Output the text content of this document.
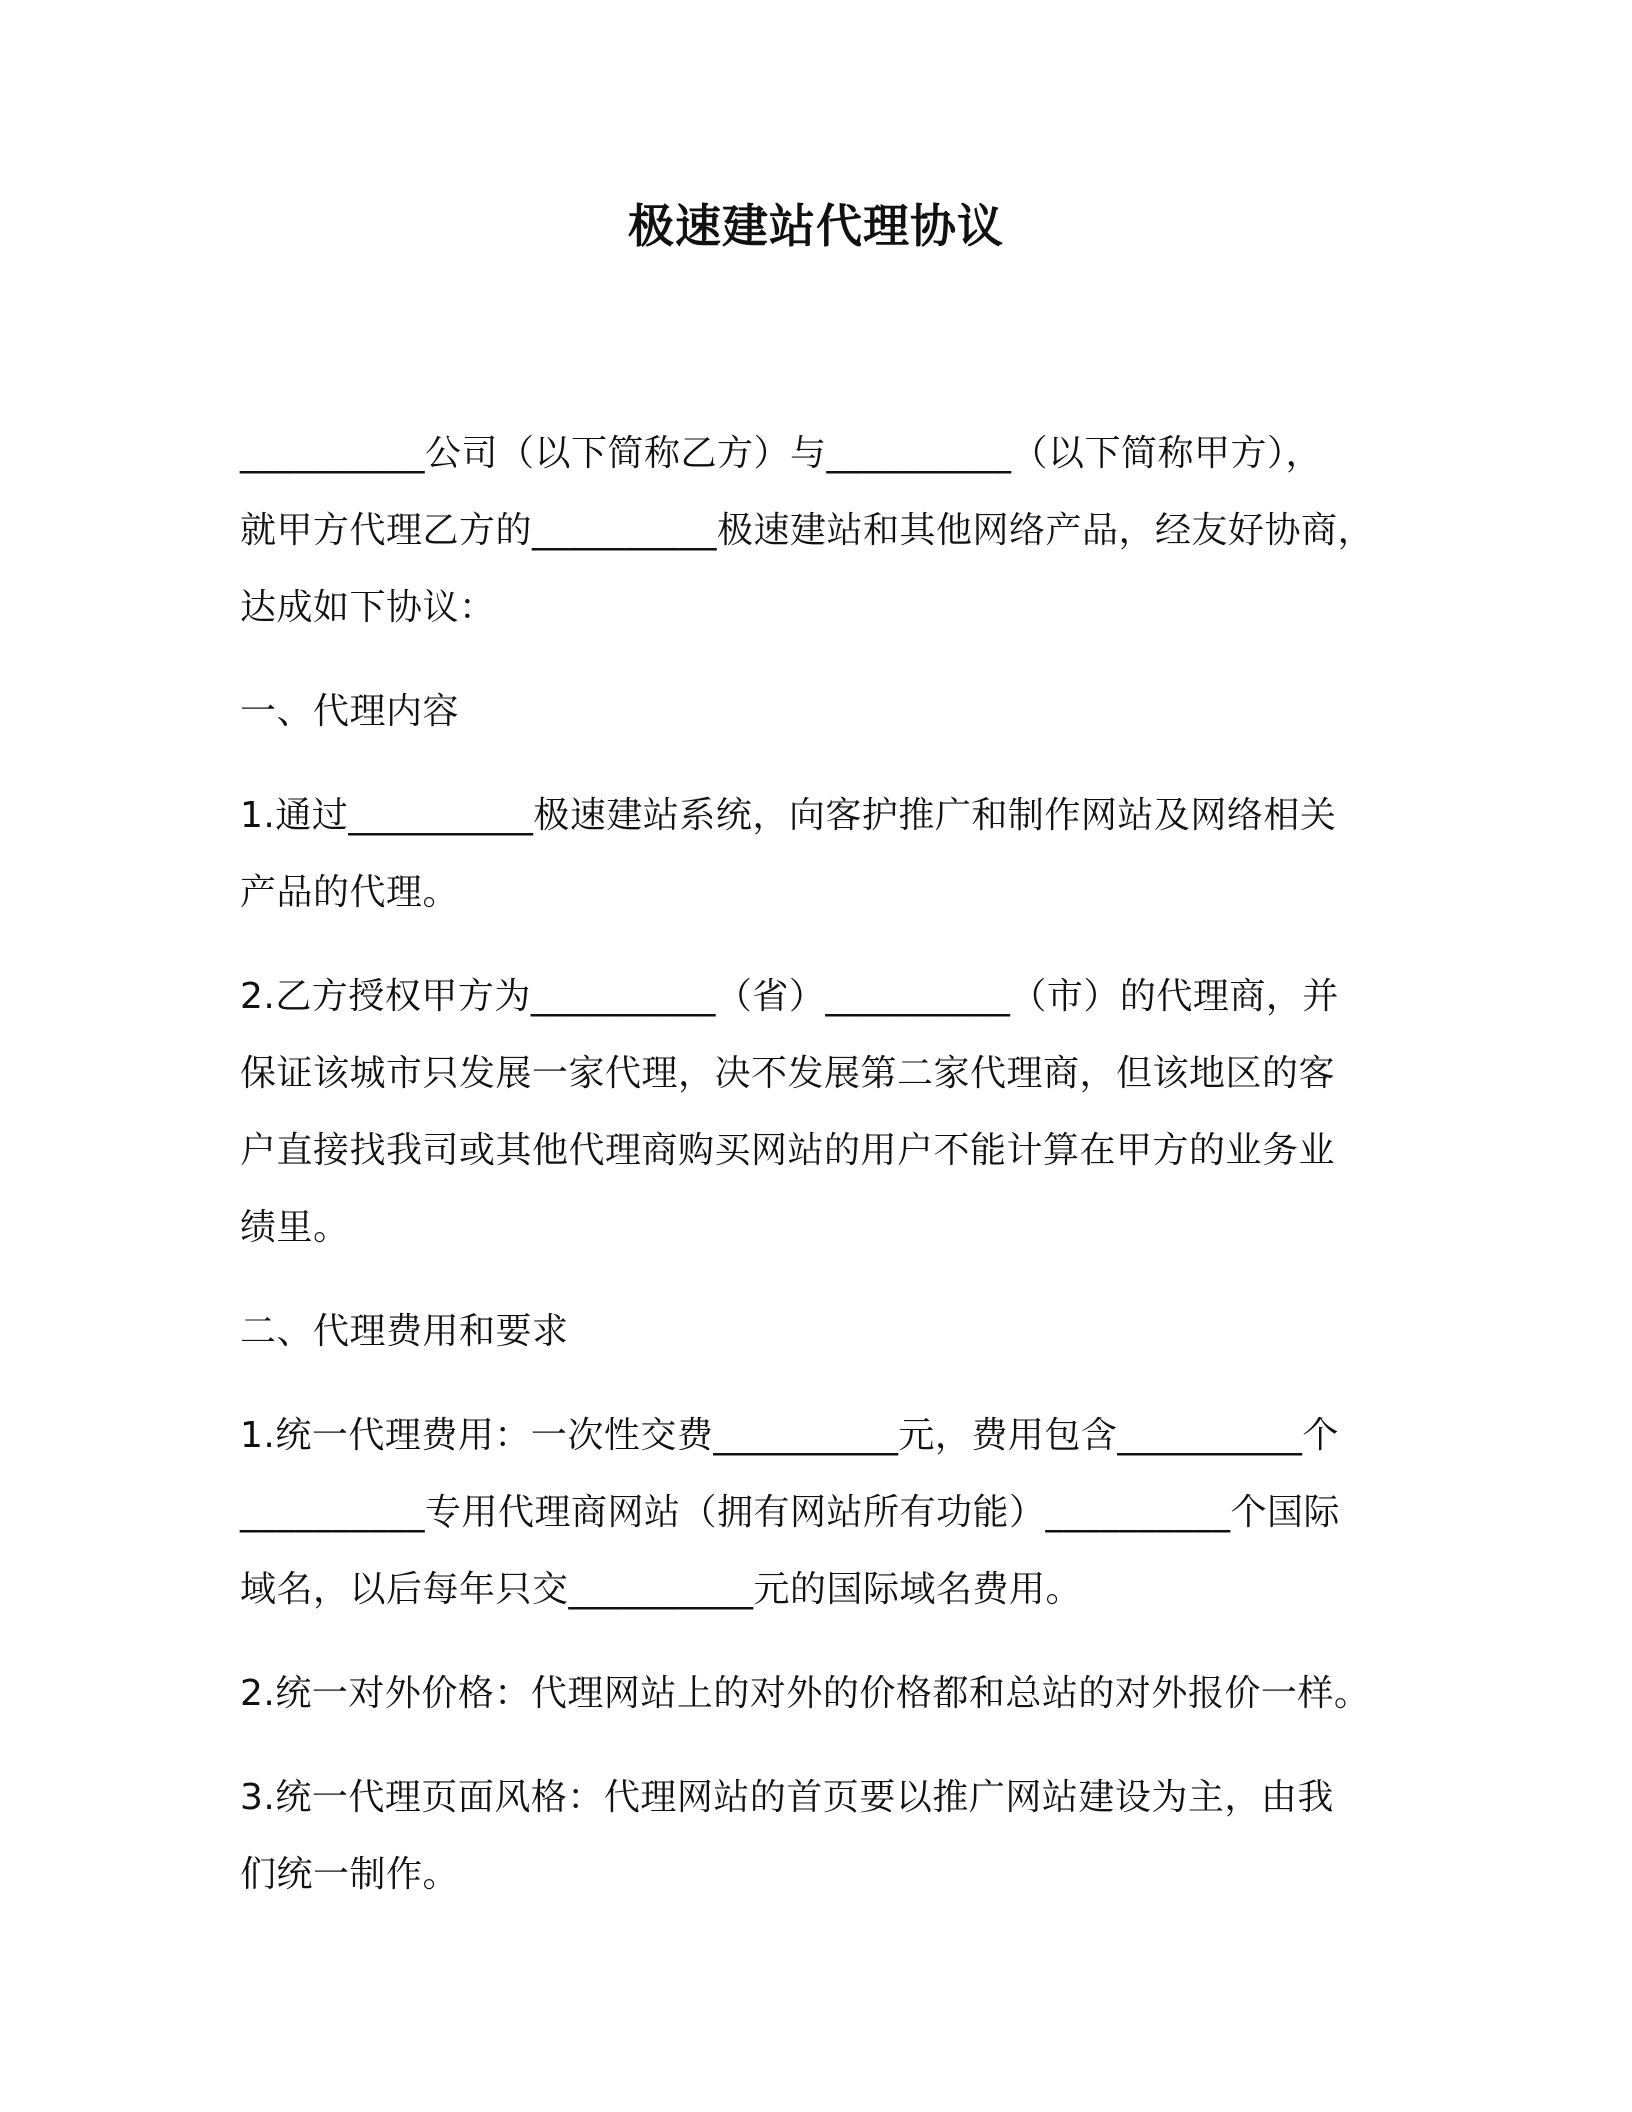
极速建站代理协议
__________公司（以下简称乙方）与__________（以下简称甲方），
就甲方代理乙方的__________极速建站和其他网络产品，经友好协商，
达成如下协议：
一、代理内容
1.通过__________极速建站系统，向客护推广和制作网站及网络相关
产品的代理。
2.乙方授权甲方为__________（省）__________（市）的代理商，并
保证该城市只发展一家代理，决不发展第二家代理商，但该地区的客
户直接找我司或其他代理商购买网站的用户不能计算在甲方的业务业
绩里。
二、代理费用和要求
1.统一代理费用：一次性交费__________元，费用包含__________个
__________专用代理商网站（拥有网站所有功能）__________个国际
域名，以后每年只交__________元的国际域名费用。
2.统一对外价格：代理网站上的对外的价格都和总站的对外报价一样。
3.统一代理页面风格：代理网站的首页要以推广网站建设为主，由我
们统一制作。
